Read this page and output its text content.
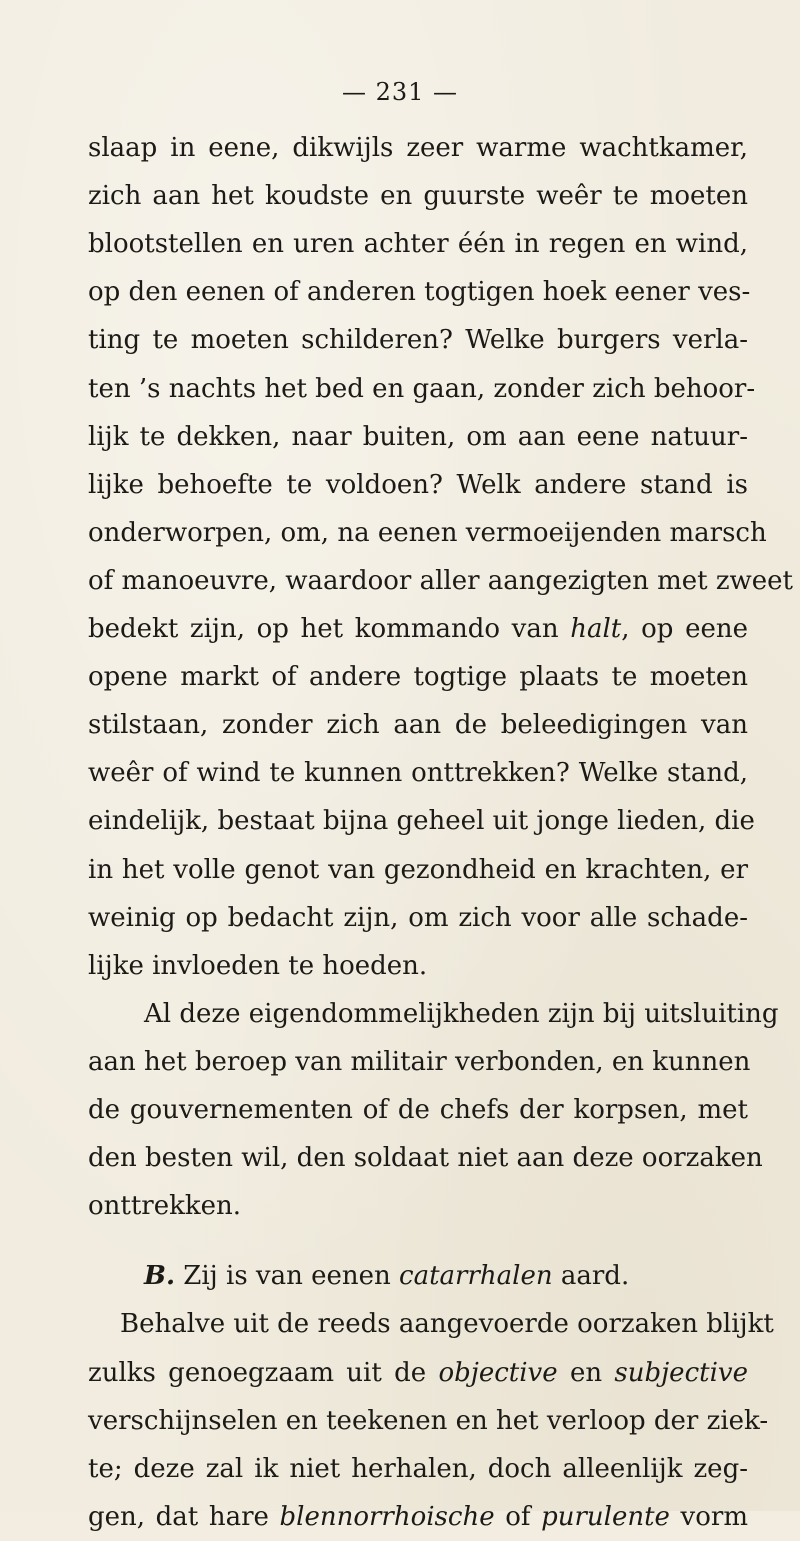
— 231 —
slaap in eene, dikwijls zeer warme wachtkamer,
zich aan het koudste en guurste weêr te moeten
blootstellen en uren achter één in regen en wind,
op den eenen of anderen togtigen hoek eener ves-
ting te moeten schilderen? Welke burgers verla-
ten ’s nachts het bed en gaan, zonder zich behoor-
lijk te dekken, naar buiten, om aan eene natuur-
lijke behoefte te voldoen? Welk andere stand is
onderworpen, om, na eenen vermoeijenden marsch
of manoeuvre, waardoor aller aangezigten met zweet
bedekt zijn, op het kommando van halt, op eene
opene markt of andere togtige plaats te moeten
stilstaan, zonder zich aan de beleedigingen van
weêr of wind te kunnen onttrekken? Welke stand,
eindelijk, bestaat bijna geheel uit jonge lieden, die
in het volle genot van gezondheid en krachten, er
weinig op bedacht zijn, om zich voor alle schade-
lijke invloeden te hoeden.
Al deze eigendommelijkheden zijn bij uitsluiting
aan het beroep van militair verbonden, en kunnen
de gouvernementen of de chefs der korpsen, met
den besten wil, den soldaat niet aan deze oorzaken
onttrekken.
B. Zij is van eenen catarrhalen aard.
Behalve uit de reeds aangevoerde oorzaken blijkt
zulks genoegzaam uit de objective en subjective
verschijnselen en teekenen en het verloop der ziek-
te; deze zal ik niet herhalen, doch alleenlijk zeg-
gen, dat hare blennorrhoische of purulente vorm
